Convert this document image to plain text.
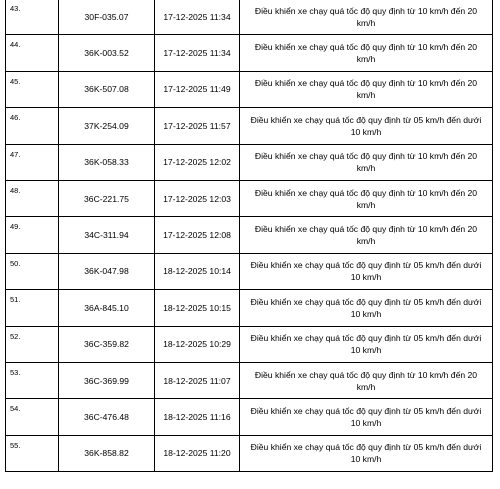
43.	30F-035.07	17-12-2025 11:34	Điều khiển xe chạy quá tốc độ quy định từ 10 km/h đến 20 km/h
44.	36K-003.52	17-12-2025 11:34	Điều khiển xe chạy quá tốc độ quy định từ 10 km/h đến 20 km/h
45.	36K-507.08	17-12-2025 11:49	Điều khiển xe chạy quá tốc độ quy định từ 10 km/h đến 20 km/h
46.	37K-254.09	17-12-2025 11:57	Điều khiển xe chạy quá tốc độ quy định từ 05 km/h đến dưới 10 km/h
47.	36K-058.33	17-12-2025 12:02	Điều khiển xe chạy quá tốc độ quy định từ 10 km/h đến 20 km/h
48.	36C-221.75	17-12-2025 12:03	Điều khiển xe chạy quá tốc độ quy định từ 10 km/h đến 20 km/h
49.	34C-311.94	17-12-2025 12:08	Điều khiển xe chạy quá tốc độ quy định từ 10 km/h đến 20 km/h
50.	36K-047.98	18-12-2025 10:14	Điều khiển xe chạy quá tốc độ quy định từ 05 km/h đến dưới 10 km/h
51.	36A-845.10	18-12-2025 10:15	Điều khiển xe chạy quá tốc độ quy định từ 05 km/h đến dưới 10 km/h
52.	36C-359.82	18-12-2025 10:29	Điều khiển xe chạy quá tốc độ quy định từ 05 km/h đến dưới 10 km/h
53.	36C-369.99	18-12-2025 11:07	Điều khiển xe chạy quá tốc độ quy định từ 10 km/h đến 20 km/h
54.	36C-476.48	18-12-2025 11:16	Điều khiển xe chạy quá tốc độ quy định từ 05 km/h đến dưới 10 km/h
55.	36K-858.82	18-12-2025 11:20	Điều khiển xe chạy quá tốc độ quy định từ 05 km/h đến dưới 10 km/h
